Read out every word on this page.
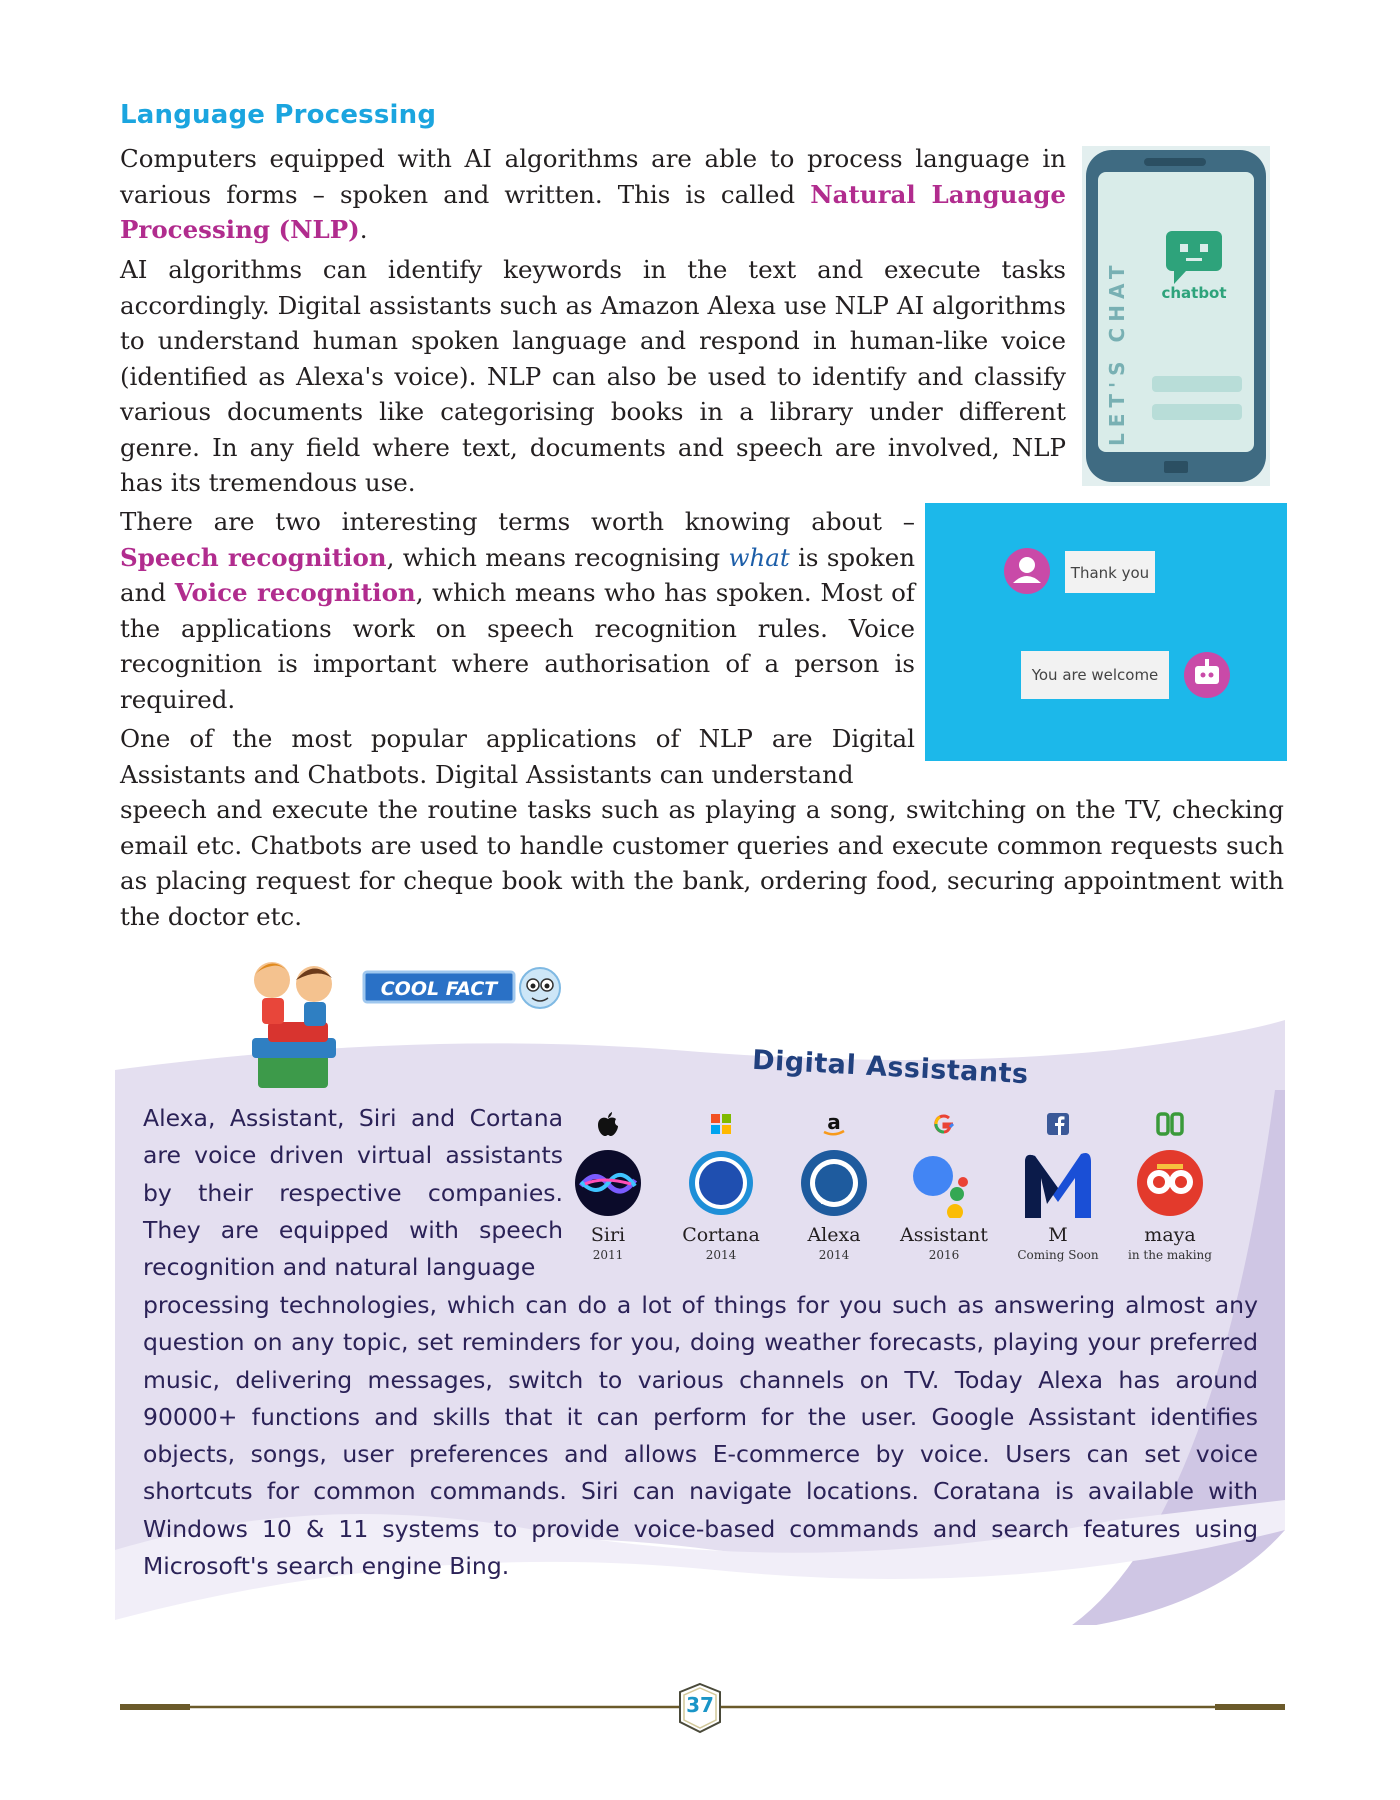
Language Processing

Computers equipped with AI algorithms are able to process language in various forms – spoken and written. This is called Natural Language Processing (NLP).

AI algorithms can identify keywords in the text and execute tasks accordingly. Digital assistants such as Amazon Alexa use NLP AI algorithms to understand human spoken language and respond in human-like voice (identified as Alexa's voice). NLP can also be used to identify and classify various documents like categorising books in a library under different genre. In any field where text, documents and speech are involved, NLP has its tremendous use.

There are two interesting terms worth knowing about – Speech recognition, which means recognising what is spoken and Voice recognition, which means who has spoken. Most of the applications work on speech recognition rules. Voice recognition is important where authorisation of a person is required.

One of the most popular applications of NLP are Digital Assistants and Chatbots. Digital Assistants can understand

speech and execute the routine tasks such as playing a song, switching on the TV, checking email etc. Chatbots are used to handle customer queries and execute common requests such as placing request for cheque book with the bank, ordering food, securing appointment with the doctor etc.

chatbot
LET'S CHAT
Thank you
You are welcome
COOL FACT
Digital Assistants

Alexa, Assistant, Siri and Cortana are voice driven virtual assistants by their respective companies. They are equipped with speech recognition and natural language

processing technologies, which can do a lot of things for you such as answering almost any question on any topic, set reminders for you, doing weather forecasts, playing your preferred music, delivering messages, switch to various channels on TV. Today Alexa has around 90000+ functions and skills that it can perform for the user. Google Assistant identifies objects, songs, user preferences and allows E-commerce by voice. Users can set voice shortcuts for common commands. Siri can navigate locations. Coratana is available with Windows 10 & 11 systems to provide voice-based commands and search features using Microsoft's search engine Bing.

Siri
2011
Cortana
2014
a
Alexa
2014
Assistant
2016
M
Coming Soon
maya
in the making
37
